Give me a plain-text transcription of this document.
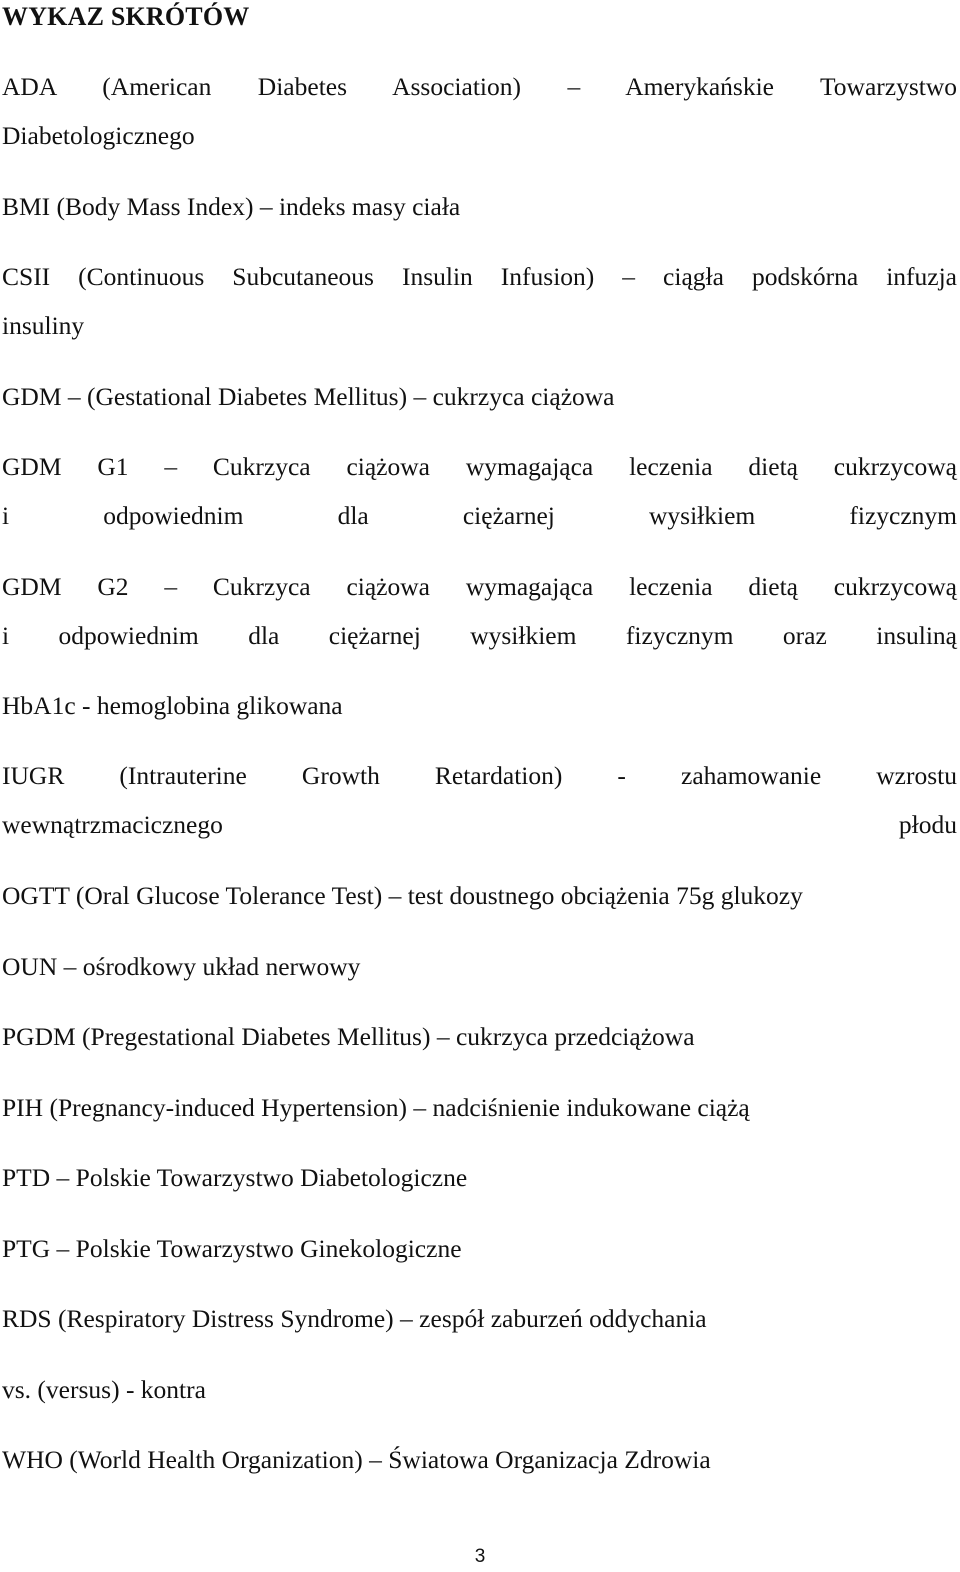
WYKAZ SKRÓTÓW

ADA (American Diabetes Association) – Amerykańskie Towarzystwo
Diabetologicznego

BMI (Body Mass Index) – indeks masy ciała

CSII (Continuous Subcutaneous Insulin Infusion) – ciągła podskórna infuzja
insuliny

GDM – (Gestational Diabetes Mellitus) – cukrzyca ciążowa

GDM G1 – Cukrzyca ciążowa wymagająca leczenia dietą cukrzycową
i odpowiednim dla ciężarnej wysiłkiem fizycznym

GDM G2 – Cukrzyca ciążowa wymagająca leczenia dietą cukrzycową
i odpowiednim dla ciężarnej wysiłkiem fizycznym oraz insuliną

HbA1c - hemoglobina glikowana

IUGR (Intrauterine Growth Retardation) - zahamowanie wzrostu
wewnątrzmacicznego płodu

OGTT (Oral Glucose Tolerance Test) – test doustnego obciążenia 75g glukozy

OUN – ośrodkowy układ nerwowy

PGDM (Pregestational Diabetes Mellitus) – cukrzyca przedciążowa

PIH (Pregnancy-induced Hypertension) – nadciśnienie indukowane ciążą

PTD – Polskie Towarzystwo Diabetologiczne

PTG – Polskie Towarzystwo Ginekologiczne

RDS (Respiratory Distress Syndrome) – zespół zaburzeń oddychania

vs. (versus) - kontra

WHO (World Health Organization) – Światowa Organizacja Zdrowia

3
